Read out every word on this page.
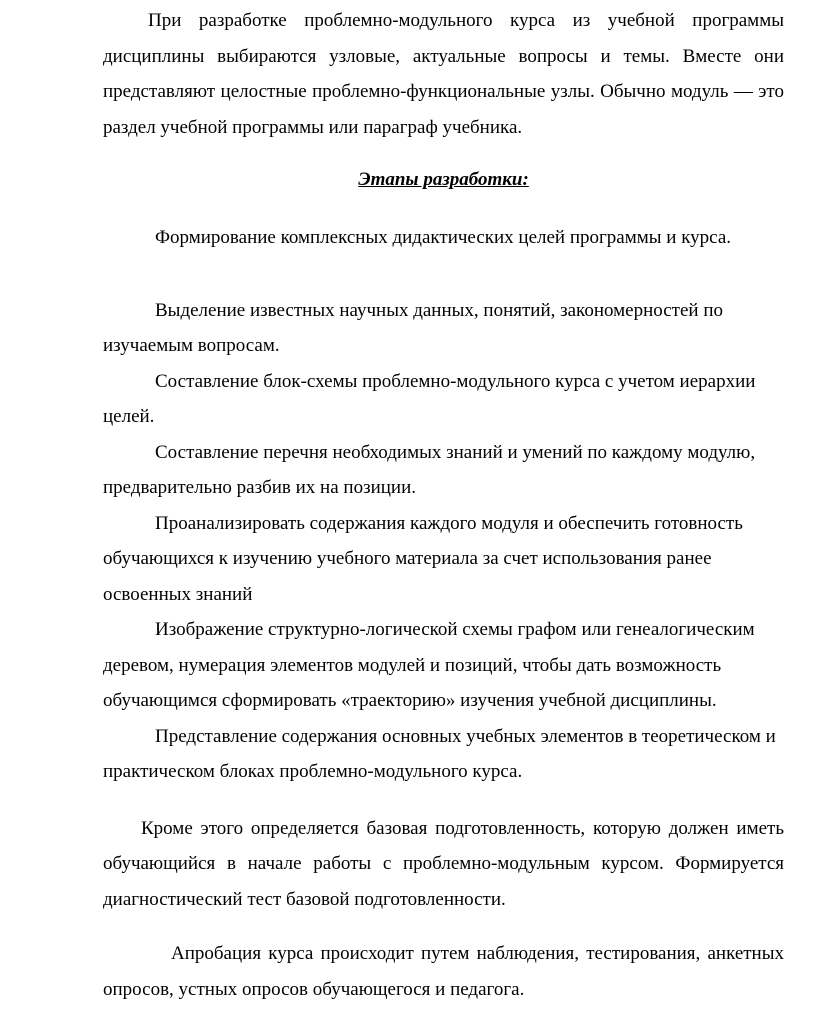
При разработке проблемно-модульного курса из учебной программы дисциплины выбираются узловые, актуальные вопросы и темы. Вместе они представляют целостные проблемно-функциональные узлы. Обычно модуль — это раздел учебной программы или параграф учебника.

Этапы разработки:

Формирование комплексных дидактических целей программы и курса.

Выделение известных научных данных, понятий, закономерностей по изучаемым вопросам.

Составление блок-схемы проблемно-модульного курса с учетом иерархии целей.

Составление перечня необходимых знаний и умений по каждому модулю, предварительно разбив их на позиции.

Проанализировать содержания каждого модуля и обеспечить готовность обучающихся к изучению учебного материала за счет использования ранее освоенных знаний

Изображение структурно-логической схемы графом или генеалогическим деревом, нумерация элементов модулей и позиций, чтобы дать возможность обучающимся сформировать «траекторию» изучения учебной дисциплины.

Представление содержания основных учебных элементов в теоретическом и практическом блоках проблемно-модульного курса.

Кроме этого определяется базовая подготовленность, которую должен иметь обучающийся в начале работы с проблемно-модульным курсом. Формируется диагностический тест базовой подготовленности.

Апробация курса происходит путем наблюдения, тестирования, анкетных опросов, устных опросов обучающегося и педагога.
